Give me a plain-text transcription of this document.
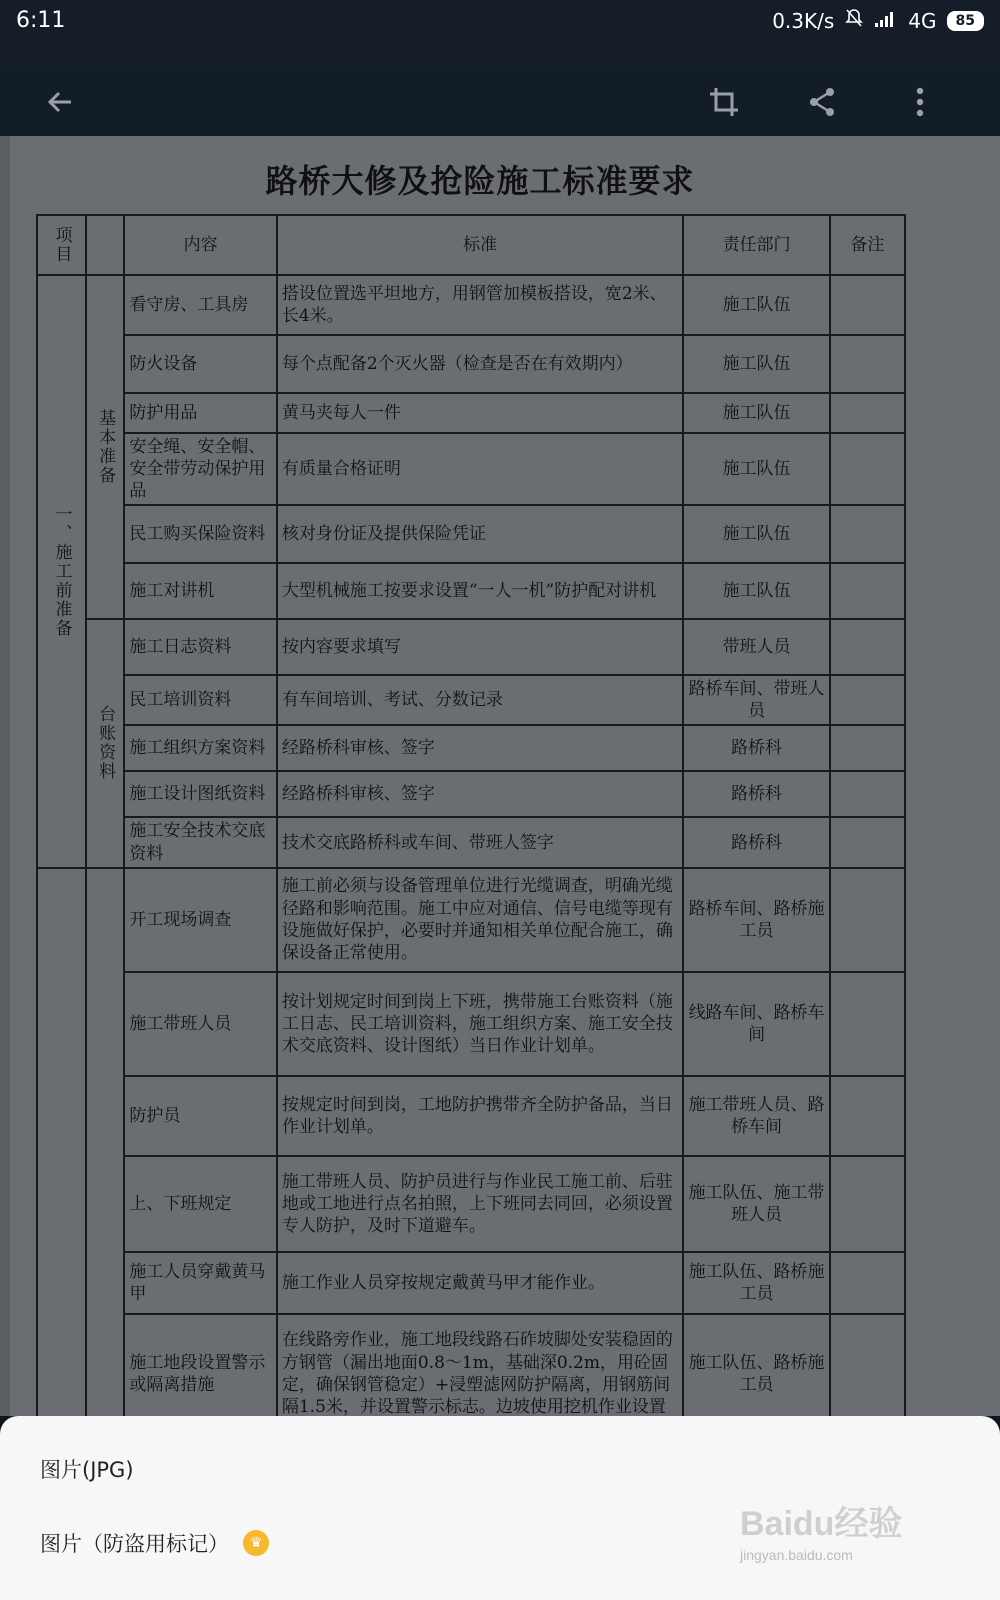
6:11	0.3K/s	4G	85
路桥大修及抢险施工标准要求
项目		内容	标准	责任部门	备注

一、施工前准备	基本准备	看守房、工具房	搭设位置选平坦地方，用钢管加模板搭设，宽2米、长4米。	施工队伍	
		防火设备	每个点配备2个灭火器（检查是否在有效期内）	施工队伍	
		防护用品	黄马夹每人一件	施工队伍	
		安全绳、安全帽、安全带劳动保护用品	有质量合格证明	施工队伍	
		民工购买保险资料	核对身份证及提供保险凭证	施工队伍	
		施工对讲机	大型机械施工按要求设置“一人一机”防护配对讲机	施工队伍	

	台账资料	施工日志资料	按内容要求填写	带班人员	
		民工培训资料	有车间培训、考试、分数记录	路桥车间、带班人员	
		施工组织方案资料	经路桥科审核、签字	路桥科	
		施工设计图纸资料	经路桥科审核、签字	路桥科	
		施工安全技术交底资料	技术交底路桥科或车间、带班人签字	路桥科	
		开工现场调查	施工前必须与设备管理单位进行光缆调查，明确光缆径路和影响范围。施工中应对通信、信号电缆等现有设施做好保护，必要时并通知相关单位配合施工，确保设备正常使用。	路桥车间、路桥施工员	
		施工带班人员	按计划规定时间到岗上下班，携带施工台账资料（施工日志、民工培训资料，施工组织方案、施工安全技术交底资料、设计图纸）当日作业计划单。	线路车间、路桥车间	
		防护员	按规定时间到岗，工地防护携带齐全防护备品，当日作业计划单。	施工带班人员、路桥车间	
		上、下班规定	施工带班人员、防护员进行与作业民工施工前、后驻地或工地进行点名拍照，上下班同去同回，必须设置专人防护，及时下道避车。	施工队伍、施工带班人员	
		施工人员穿戴黄马甲	施工作业人员穿按规定戴黄马甲才能作业。	施工队伍、路桥施工员	
		施工地段设置警示或隔离措施	在线路旁作业，施工地段线路石砟坡脚处安装稳固的方钢管（漏出地面0.8～1m，基础深0.2m，用砼固定，确保钢管稳定）+浸塑滤网防护隔离，用钢筋间隔1.5米，并设置警示标志。边坡使用挖机作业设置	施工队伍、路桥施工员	
图片(JPG)
图片（防盗用标记）	♛	Baidu经验
jingyan.baidu.com
